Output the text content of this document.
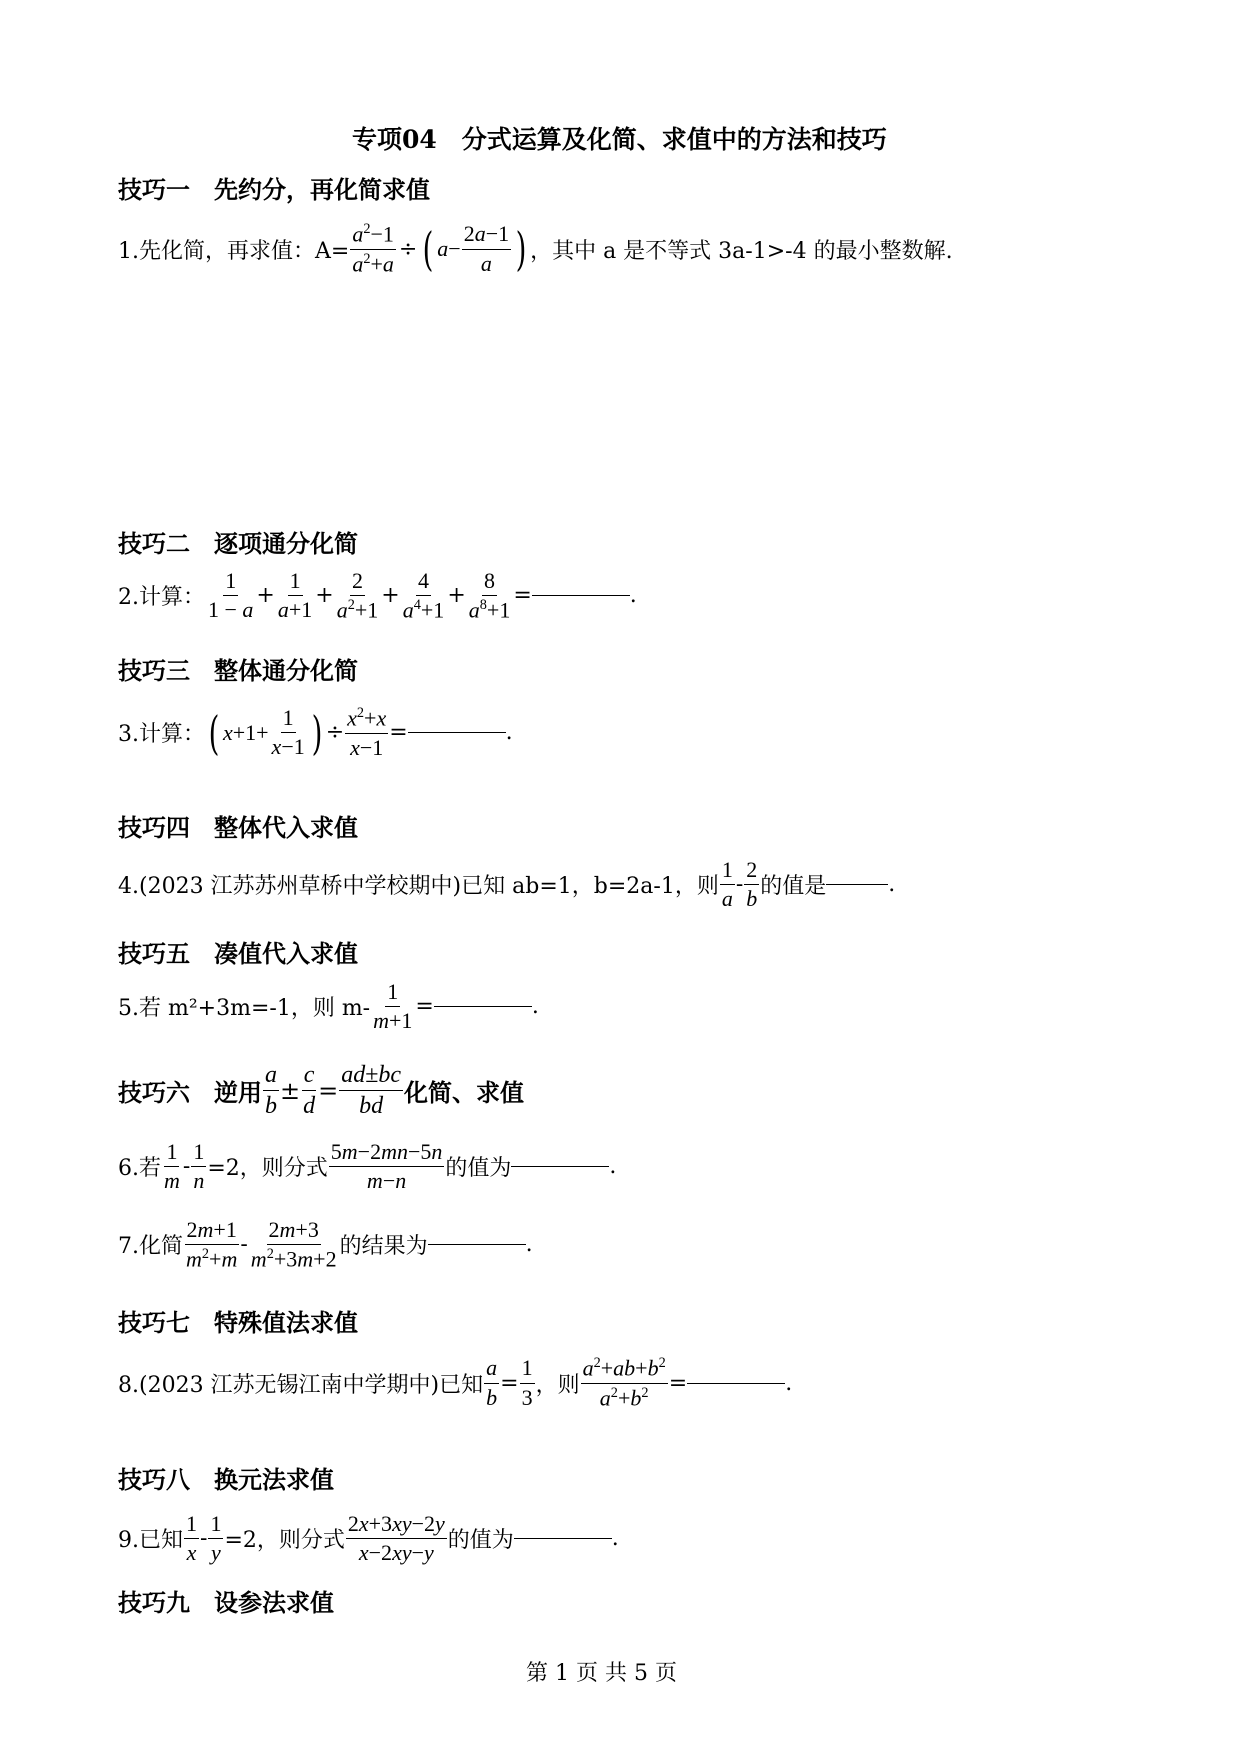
专项04　分式运算及化简、求值中的方法和技巧
技巧一　先约分，再化简求值
1.先化简，再求值：$A= \frac{a^2-1}{a^2+a}$ ÷ ( $a- \frac{2a-1}{a}$ ) ，其中 a 是不等式 3a-1>-4 的最小整数解.
技巧二　逐项通分化简
2.计算： $\frac{1}{1 - a} + \frac{1}{a+1} + \frac{2}{a^2+1} + \frac{4}{a^4+1} + \frac{8}{a^8+1}$ =	.
技巧三　整体通分化简
3.计算： ( $x+1+ \frac{1}{x-1}$ ) ÷ $\frac{x^2+x}{x-1}$ =	.
技巧四　整体代入求值
4.(2023 江苏苏州草桥中学校期中)已知 ab=1，b=2a-1，则 $\frac{1}{a} - \frac{2}{b}$ 的值是	.
技巧五　凑值代入求值
5.若 m²+3m=-1，则 $m- \frac{1}{m+1}$ =	.
技巧六　逆用 $\frac{a}{b} \pm \frac{c}{d} = \frac{ad\pm bc}{bd}$ 化简、求值
6.若 $\frac{1}{m} - \frac{1}{n} =2$，则分式 $\frac{5m-2mn-5n}{m-n}$ 的值为	.
7.化简 $\frac{2m+1}{m^2+m} - \frac{2m+3}{m^2+3m+2}$ 的结果为	.
技巧七　特殊值法求值
8.(2023 江苏无锡江南中学期中)已知 $\frac{a}{b} = \frac{1}{3}$ ，则 $\frac{a^2+ab+b^2}{a^2+b^2}$ =	.
技巧八　换元法求值
9.已知 $\frac{1}{x} - \frac{1}{y} =2$，则分式 $\frac{2x+3xy-2y}{x-2xy-y}$ 的值为	.
技巧九　设参法求值
第 1 页 共 5 页
